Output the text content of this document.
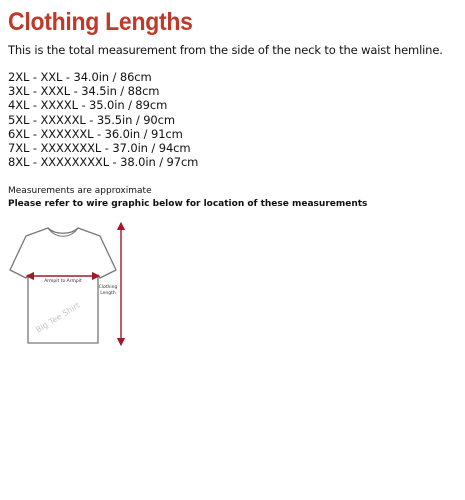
Clothing Lengths
This is the total measurement from the side of the neck to the waist hemline.
2XL - XXL - 34.0in / 86cm
3XL - XXXL - 34.5in / 88cm
4XL - XXXXL - 35.0in / 89cm
5XL - XXXXXL - 35.5in / 90cm
6XL - XXXXXXL - 36.0in / 91cm
7XL - XXXXXXXL - 37.0in / 94cm
8XL - XXXXXXXXL - 38.0in / 97cm
Measurements are approximate
Please refer to wire graphic below for location of these measurements
Armpit to Armpit
Clothing
Length
Big Tee Shirt
